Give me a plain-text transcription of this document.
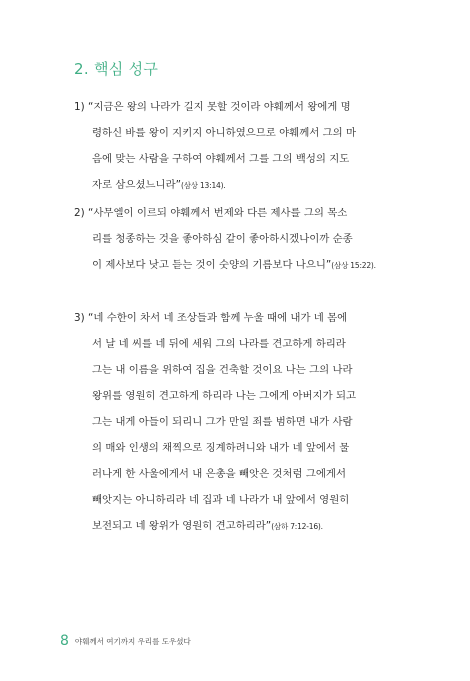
2. 핵심 성구
1) “지금은 왕의 나라가 길지 못할 것이라 야훼께서 왕에게 명
령하신 바를 왕이 지키지 아니하였으므로 야훼께서 그의 마
음에 맞는 사람을 구하여 야훼께서 그를 그의 백성의 지도
자로 삼으셨느니라”(삼상 13:14).
2) “사무엘이 이르되 야훼께서 번제와 다른 제사를 그의 목소
리를 청종하는 것을 좋아하심 같이 좋아하시겠나이까 순종
이 제사보다 낫고 듣는 것이 숫양의 기름보다 나으니”(삼상 15:22).
3) “네 수한이 차서 네 조상들과 함께 누울 때에 내가 네 몸에
서 날 네 씨를 네 뒤에 세워 그의 나라를 견고하게 하리라
그는 내 이름을 위하여 집을 건축할 것이요 나는 그의 나라
왕위를 영원히 견고하게 하리라 나는 그에게 아버지가 되고
그는 내게 아들이 되리니 그가 만일 죄를 범하면 내가 사람
의 매와 인생의 채찍으로 징계하려니와 내가 네 앞에서 물
러나게 한 사울에게서 내 은총을 빼앗은 것처럼 그에게서
빼앗지는 아니하리라 네 집과 네 나라가 내 앞에서 영원히
보전되고 네 왕위가 영원히 견고하리라”(삼하 7:12-16).
8 야훼께서 여기까지 우리를 도우셨다
